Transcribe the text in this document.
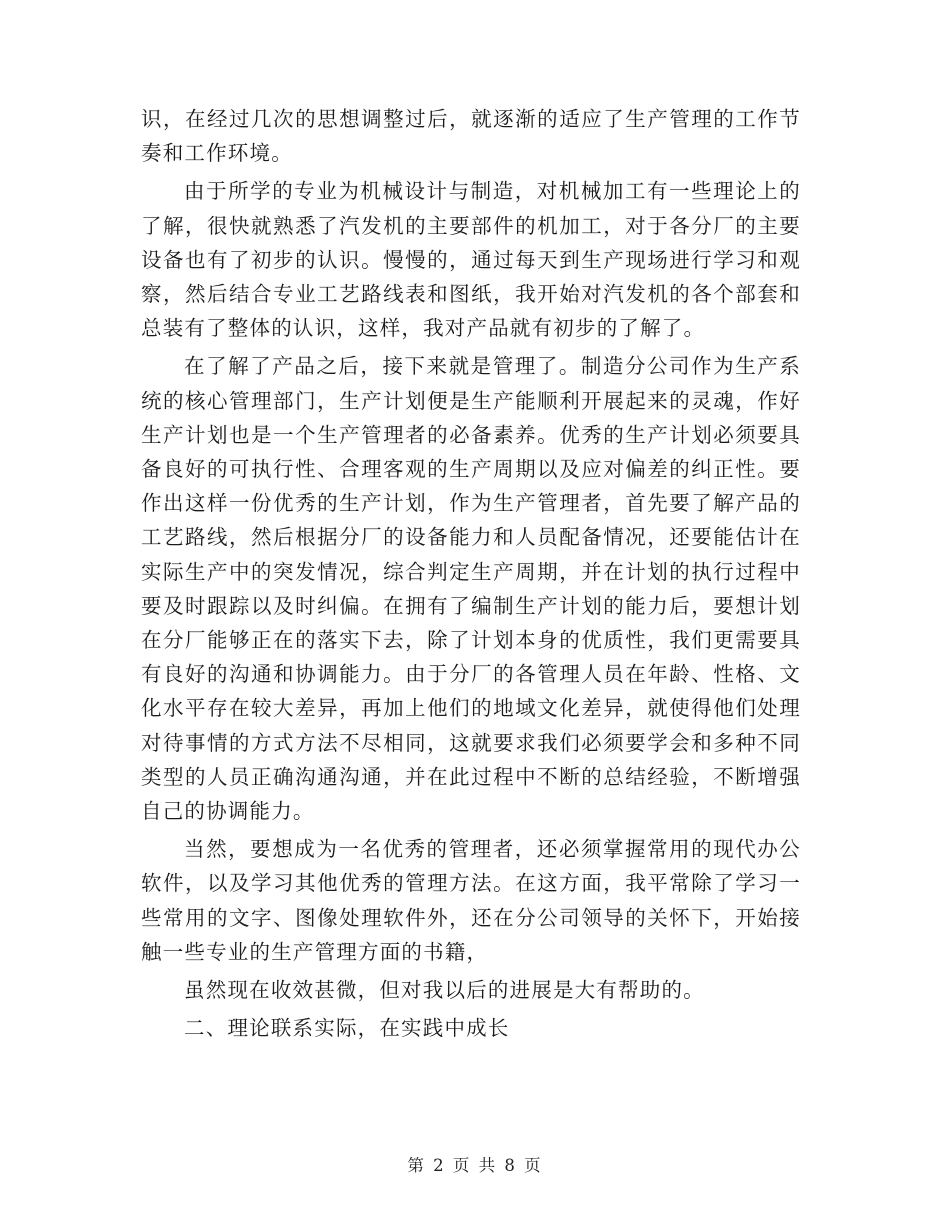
识，在经过几次的思想调整过后，就逐渐的适应了生产管理的工作节奏和工作环境。

由于所学的专业为机械设计与制造，对机械加工有一些理论上的了解，很快就熟悉了汽发机的主要部件的机加工，对于各分厂的主要设备也有了初步的认识。慢慢的，通过每天到生产现场进行学习和观察，然后结合专业工艺路线表和图纸，我开始对汽发机的各个部套和总装有了整体的认识，这样，我对产品就有初步的了解了。

在了解了产品之后，接下来就是管理了。制造分公司作为生产系统的核心管理部门，生产计划便是生产能顺利开展起来的灵魂，作好生产计划也是一个生产管理者的必备素养。优秀的生产计划必须要具备良好的可执行性、合理客观的生产周期以及应对偏差的纠正性。要作出这样一份优秀的生产计划，作为生产管理者，首先要了解产品的工艺路线，然后根据分厂的设备能力和人员配备情况，还要能估计在实际生产中的突发情况，综合判定生产周期，并在计划的执行过程中要及时跟踪以及时纠偏。在拥有了编制生产计划的能力后，要想计划在分厂能够正在的落实下去，除了计划本身的优质性，我们更需要具有良好的沟通和协调能力。由于分厂的各管理人员在年龄、性格、文化水平存在较大差异，再加上他们的地域文化差异，就使得他们处理对待事情的方式方法不尽相同，这就要求我们必须要学会和多种不同类型的人员正确沟通沟通，并在此过程中不断的总结经验，不断增强自己的协调能力。

当然，要想成为一名优秀的管理者，还必须掌握常用的现代办公软件，以及学习其他优秀的管理方法。在这方面，我平常除了学习一些常用的文字、图像处理软件外，还在分公司领导的关怀下，开始接触一些专业的生产管理方面的书籍，

虽然现在收效甚微，但对我以后的进展是大有帮助的。

二、理论联系实际，在实践中成长

第 2 页 共 8 页
